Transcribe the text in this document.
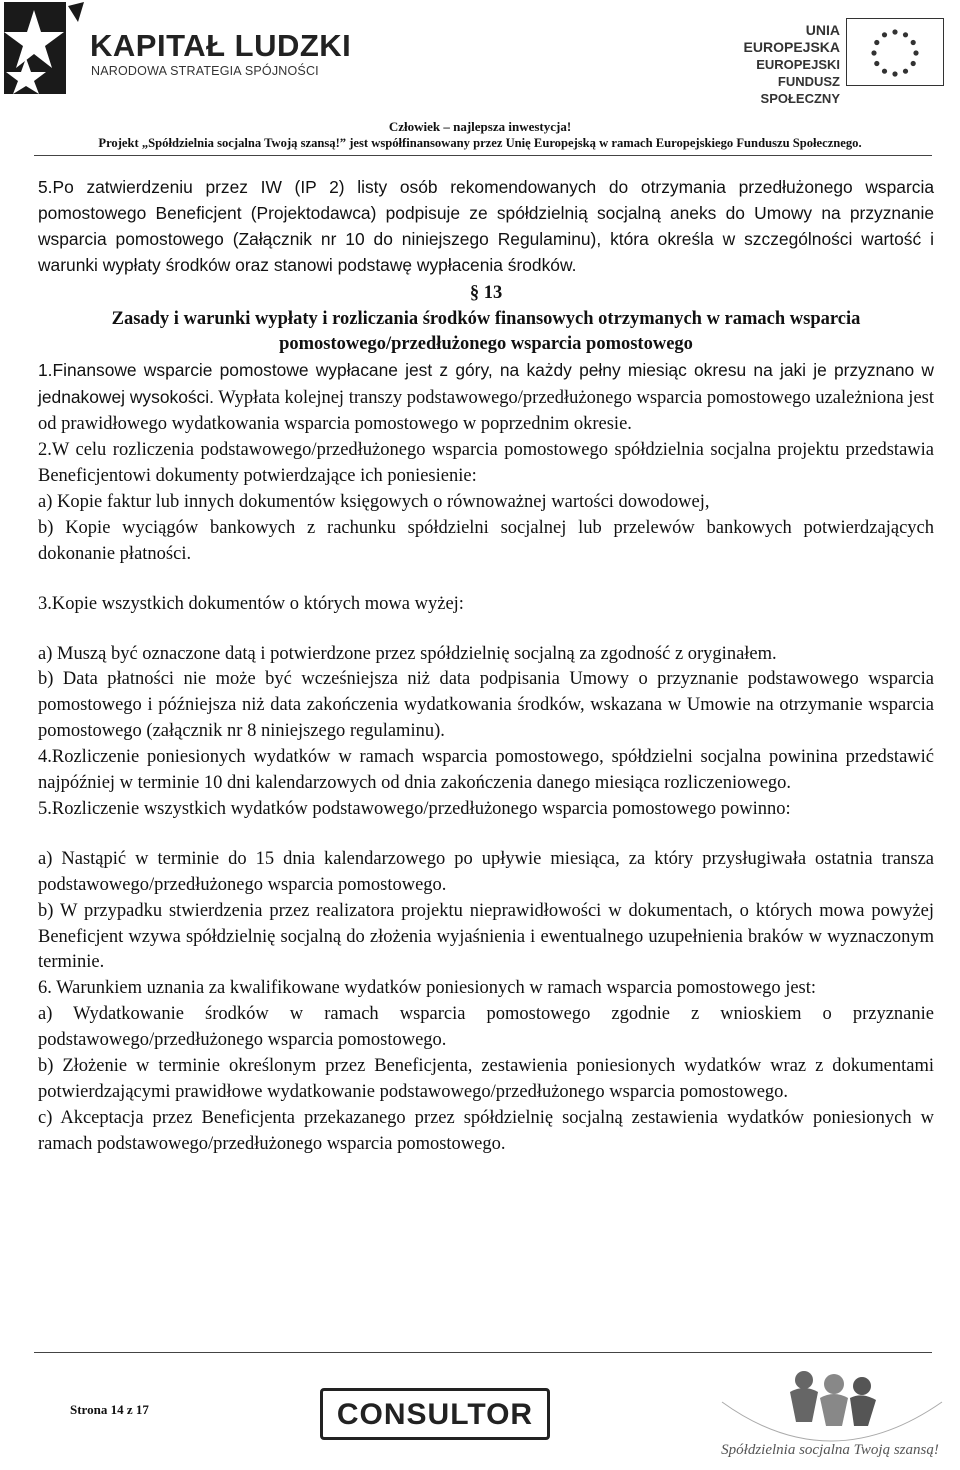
KAPITAŁ LUDZKI
NARODOWA STRATEGIA SPÓJNOŚCI
UNIA EUROPEJSKA
EUROPEJSKI
FUNDUSZ SPOŁECZNY
Człowiek – najlepsza inwestycja!
Projekt „Spółdzielnia socjalna Twoją szansą!” jest współfinansowany przez Unię Europejską w ramach Europejskiego Funduszu Społecznego.

5.Po zatwierdzeniu przez IW (IP 2) listy osób rekomendowanych do otrzymania przedłużonego wsparcia pomostowego Beneficjent (Projektodawca) podpisuje ze spółdzielnią socjalną aneks do Umowy na przyznanie wsparcia pomostowego (Załącznik nr 10 do niniejszego Regulaminu), która określa w szczególności wartość i warunki wypłaty środków oraz stanowi podstawę wypłacenia środków.

§ 13

Zasady i warunki wypłaty i rozliczania środków finansowych otrzymanych w ramach wsparcia pomostowego/przedłużonego wsparcia pomostowego

1.Finansowe wsparcie pomostowe wypłacane jest z góry, na każdy pełny miesiąc okresu na jaki je przyznano w jednakowej wysokości. Wypłata kolejnej transzy podstawowego/przedłużonego wsparcia pomostowego uzależniona jest od prawidłowego wydatkowania wsparcia pomostowego w poprzednim okresie.

2.W celu rozliczenia podstawowego/przedłużonego wsparcia pomostowego spółdzielnia socjalna projektu przedstawia Beneficjentowi dokumenty potwierdzające ich poniesienie:

a) Kopie faktur lub innych dokumentów księgowych o równoważnej wartości dowodowej,

b) Kopie wyciągów bankowych z rachunku spółdzielni socjalnej lub przelewów bankowych potwierdzających dokonanie płatności.

3.Kopie wszystkich dokumentów o których mowa wyżej:

a) Muszą być oznaczone datą i potwierdzone przez spółdzielnię socjalną za zgodność z oryginałem.

b) Data płatności nie może być wcześniejsza niż data podpisania Umowy o przyznanie podstawowego wsparcia pomostowego i późniejsza niż data zakończenia wydatkowania środków, wskazana w Umowie na otrzymanie wsparcia pomostowego (załącznik nr 8 niniejszego regulaminu).

4.Rozliczenie poniesionych wydatków w ramach wsparcia pomostowego, spółdzielni socjalna powinina przedstawić najpóźniej w terminie 10 dni kalendarzowych od dnia zakończenia danego miesiąca rozliczeniowego.

5.Rozliczenie wszystkich wydatków podstawowego/przedłużonego wsparcia pomostowego powinno:

a) Nastąpić w terminie do 15 dnia kalendarzowego po upływie miesiąca, za który przysługiwała ostatnia transza podstawowego/przedłużonego wsparcia pomostowego.

b) W przypadku stwierdzenia przez realizatora projektu nieprawidłowości w dokumentach, o których mowa powyżej Beneficjent wzywa spółdzielnię socjalną do złożenia wyjaśnienia i ewentualnego uzupełnienia braków w wyznaczonym terminie.

6. Warunkiem uznania za kwalifikowane wydatków poniesionych w ramach wsparcia pomostowego jest:

a) Wydatkowanie środków w ramach wsparcia pomostowego zgodnie z wnioskiem o przyznanie podstawowego/przedłużonego wsparcia pomostowego.

b) Złożenie w terminie określonym przez Beneficjenta, zestawienia poniesionych wydatków wraz z dokumentami potwierdzającymi prawidłowe wydatkowanie podstawowego/przedłużonego wsparcia pomostowego.

c) Akceptacja przez Beneficjenta przekazanego przez spółdzielnię socjalną zestawienia wydatków poniesionych w ramach podstawowego/przedłużonego wsparcia pomostowego.

Strona 14 z 17	CONSULTOR
Spółdzielnia socjalna Twoją szansą!
